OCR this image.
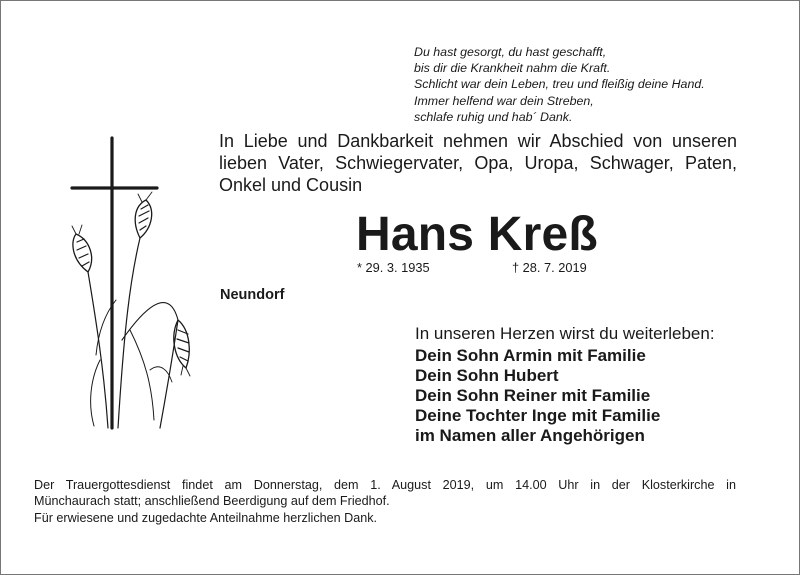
Du hast gesorgt, du hast geschafft,
bis dir die Krankheit nahm die Kraft.
Schlicht war dein Leben, treu und fleißig deine Hand.
Immer helfend war dein Streben,
schlafe ruhig und hab´ Dank.
In Liebe und Dankbarkeit nehmen wir Abschied von unseren
lieben Vater, Schwiegervater, Opa, Uropa, Schwager, Paten,
Onkel und Cousin
Hans Kreß
* 29. 3. 1935	† 28. 7. 2019
Neundorf
In unseren Herzen wirst du weiterleben:
Dein Sohn Armin mit Familie
Dein Sohn Hubert
Dein Sohn Reiner mit Familie
Deine Tochter Inge mit Familie
im Namen aller Angehörigen
Der Trauergottesdienst findet am Donnerstag, dem 1. August 2019, um 14.00 Uhr in der Klosterkirche in
Münchaurach statt; anschließend Beerdigung auf dem Friedhof.
Für erwiesene und zugedachte Anteilnahme herzlichen Dank.
